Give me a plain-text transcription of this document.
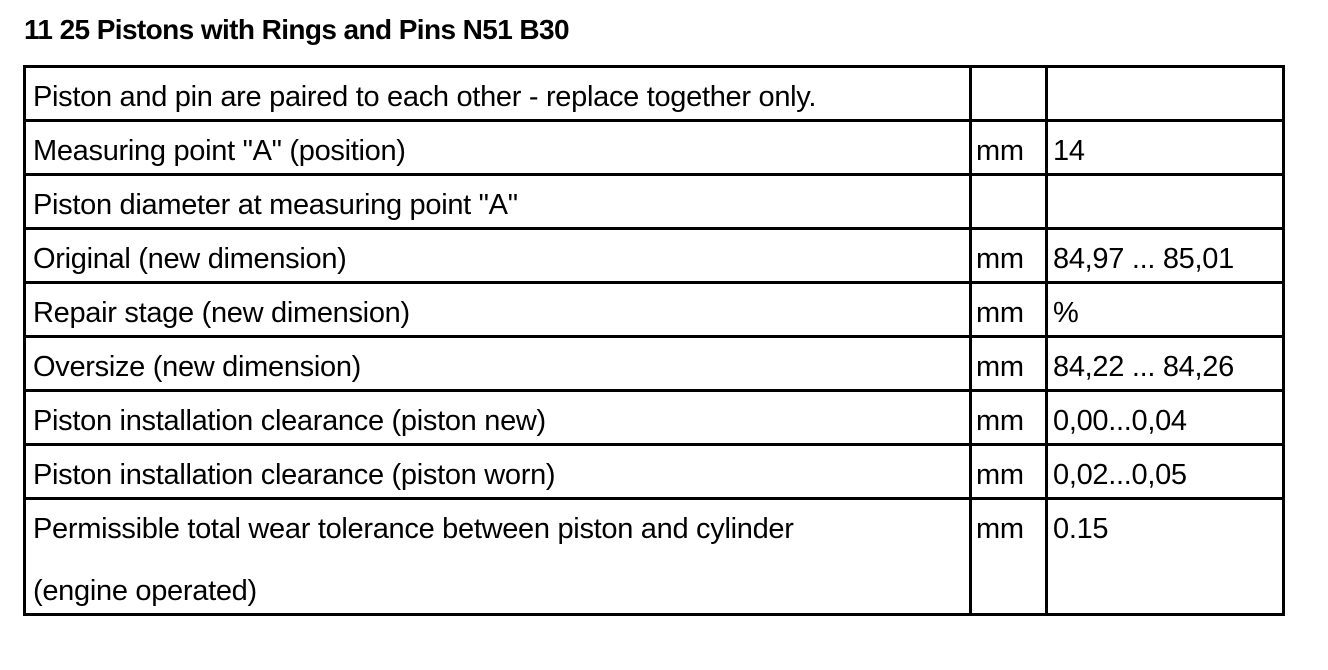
11 25 Pistons with Rings and Pins N51 B30
Piston and pin are paired to each other - replace together only.		
Measuring point "A" (position)	mm	14
Piston diameter at measuring point "A"		
Original (new dimension)	mm	84,97 ... 85,01
Repair stage (new dimension)	mm	%
Oversize (new dimension)	mm	84,22 ... 84,26
Piston installation clearance (piston new)	mm	0,00...0,04
Piston installation clearance (piston worn)	mm	0,02...0,05
Permissible total wear tolerance between piston and cylinder
(engine operated)	mm	0.15
